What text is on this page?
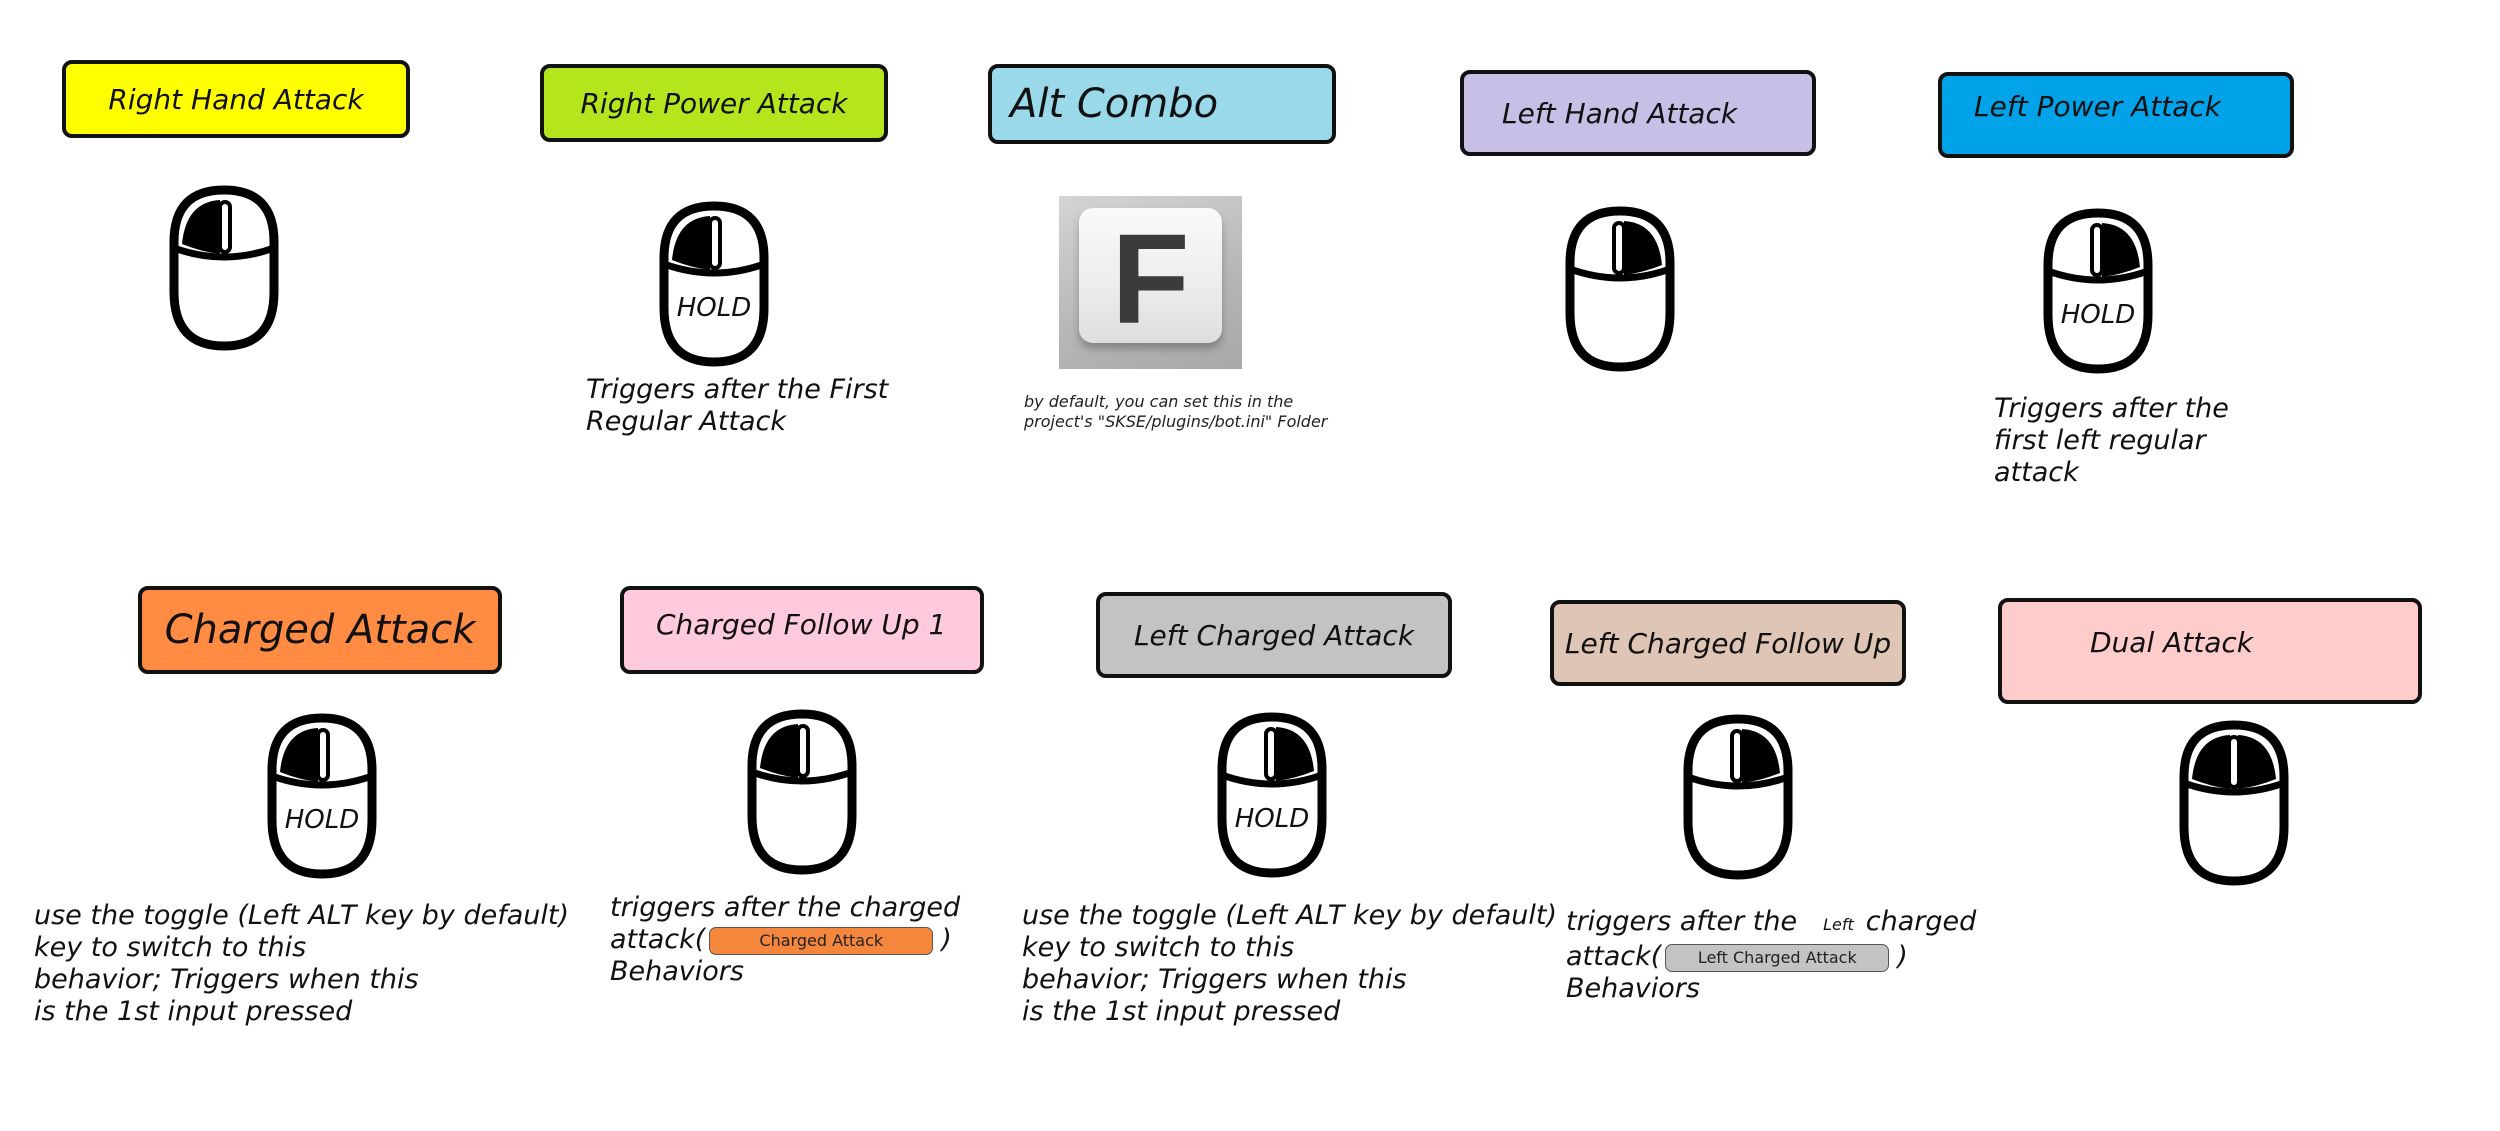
Right Hand Attack	Right Power Attack
HOLD
Triggers after the First
Regular Attack
Alt Combo
F
by default, you can set this in the
project's "SKSE/plugins/bot.ini" Folder
Left Hand Attack	Left Power Attack
HOLD
Triggers after the
first left regular
attack
Charged Attack
HOLD
use the toggle (Left ALT key by default)
key to switch to this
behavior; Triggers when this
is the 1st input pressed
Charged Follow Up 1
triggers after the charged
attack(	Charged Attack )
Behaviors
Left Charged Attack
HOLD
use the toggle (Left ALT key by default)
key to switch to this
behavior; Triggers when this
is the 1st input pressed
Left Charged Follow Up
triggers after the Left charged
attack( Left Charged Attack )
Behaviors
Dual Attack
